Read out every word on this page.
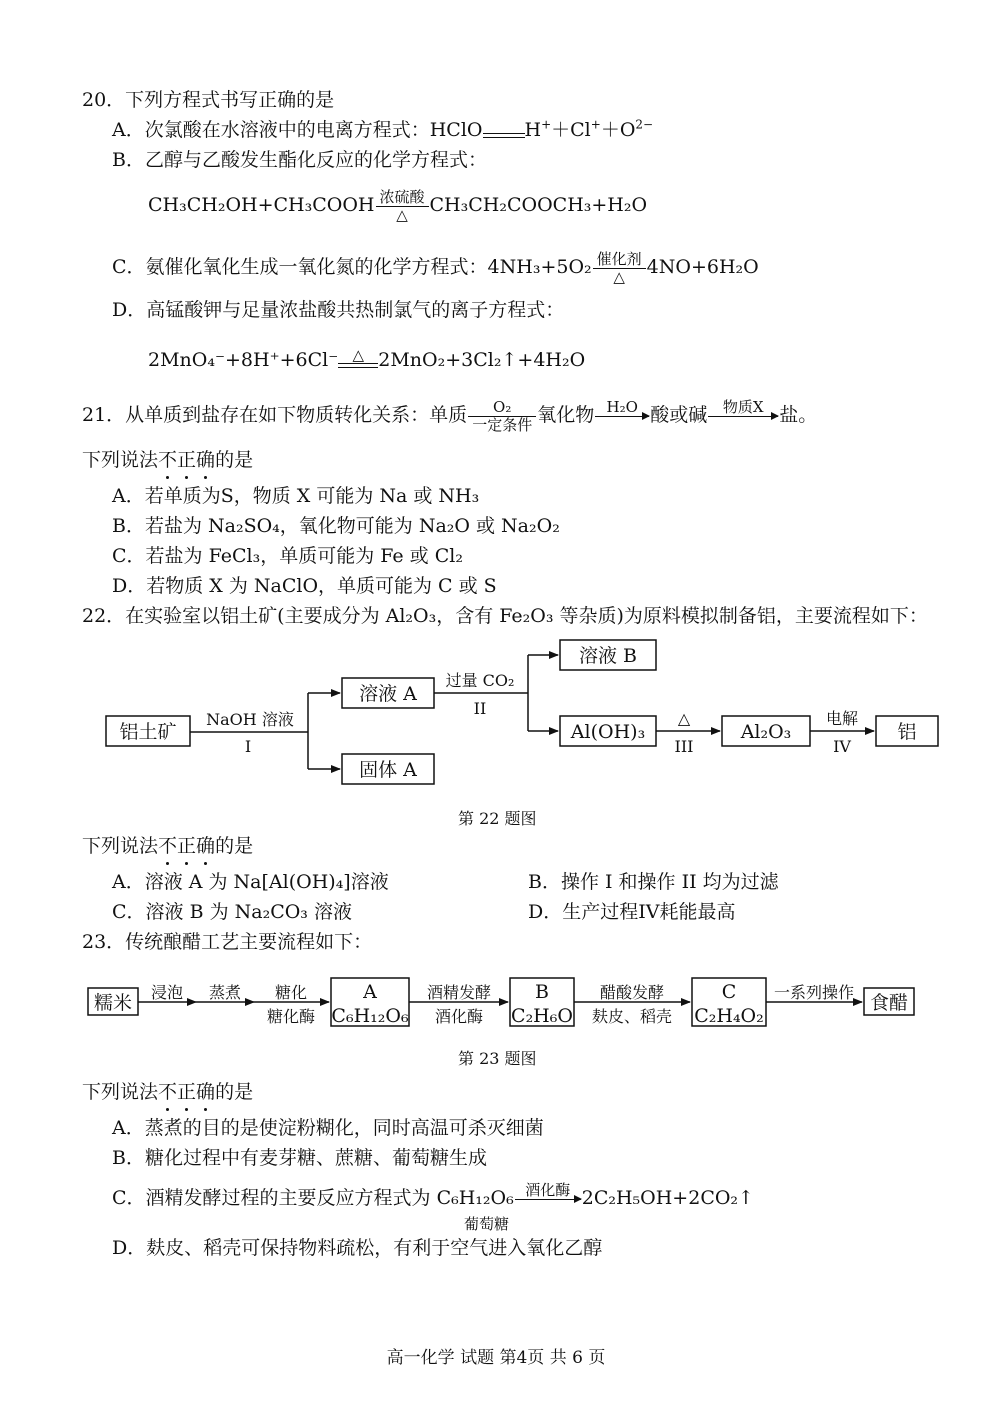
20．下列方程式书写正确的是
A．次氯酸在水溶液中的电离方程式：HClO
$H^++Cl^++O^{2-}$
B．乙醇与乙酸发生酯化反应的化学方程式：
CH₃CH₂OH+CH₃COOH 浓硫酸
△	CH₃CH₂COOCH₃+H₂O
C．氨催化氧化生成一氧化氮的化学方程式：4NH₃+5O₂ 催化剂
△	4NO+6H₂O
D．高锰酸钾与足量浓盐酸共热制氯气的离子方程式：
2MnO₄⁻+8H⁺+6Cl⁻ △ 2MnO₂+3Cl₂↑+4H₂O
21．从单质到盐存在如下物质转化关系：单质	O₂
一定条件 氧化物 H₂O
酸或碱	物质X
盐。
下列说法不正确的是
A．若单质为S，物质 X 可能为 Na 或 NH₃
B．若盐为 Na₂SO₄，氧化物可能为 Na₂O 或 Na₂O₂
C．若盐为 FeCl₃，单质可能为 Fe 或 Cl₂
D．若物质 X 为 NaClO，单质可能为 C 或 S
22．在实验室以铝土矿(主要成分为 Al₂O₃，含有 Fe₂O₃ 等杂质)为原料模拟制备铝，主要流程如下：
铝土矿
溶液 A
固体 A
溶液 B
Al(OH)₃	Al₂O₃	铝
NaOH 溶液
I
过量 CO₂
II
△
III
电解
IV
第 22 题图
下列说法不正确的是
A．溶液 A 为 Na[Al(OH)₄]溶液	B．操作 I 和操作 II 均为过滤
C．溶液 B 为 Na₂CO₃ 溶液	D．生产过程IV耗能最高
23．传统酿醋工艺主要流程如下：
糯米	A
C₆H₁₂O₆
B
C₂H₆O
C
C₂H₄O₂
食醋
浸泡 蒸煮 糖化
糖化酶
酒精发酵
酒化酶
醋酸发酵
麸皮、稻壳
一系列操作
第 23 题图
下列说法不正确的是
A．蒸煮的目的是使淀粉糊化，同时高温可杀灭细菌
B．糖化过程中有麦芽糖、蔗糖、葡萄糖生成
C．酒精发酵过程的主要反应方程式为 C₆H₁₂O₆ 酒化酶
2C₂H₅OH+2CO₂↑
葡萄糖
D．麸皮、稻壳可保持物料疏松，有利于空气进入氧化乙醇
高一化学 试题 第4页 共 6 页
